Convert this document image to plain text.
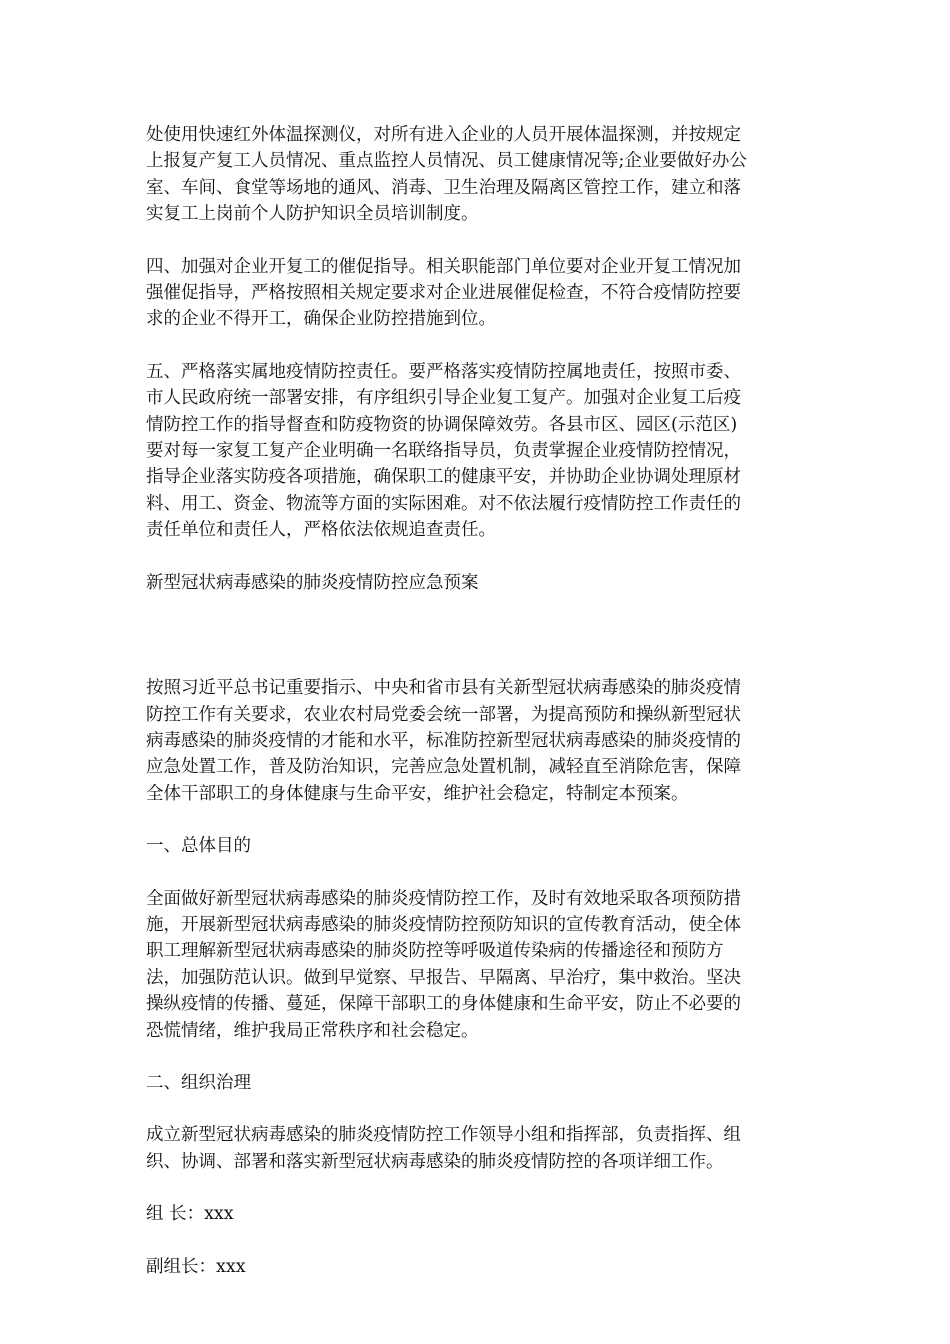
处使用快速红外体温探测仪，对所有进入企业的人员开展体温探测，并按规定
上报复产复工人员情况、重点监控人员情况、员工健康情况等;企业要做好办公
室、车间、食堂等场地的通风、消毒、卫生治理及隔离区管控工作，建立和落
实复工上岗前个人防护知识全员培训制度。

四、加强对企业开复工的催促指导。相关职能部门单位要对企业开复工情况加
强催促指导，严格按照相关规定要求对企业进展催促检查，不符合疫情防控要
求的企业不得开工，确保企业防控措施到位。

五、严格落实属地疫情防控责任。要严格落实疫情防控属地责任，按照市委、
市人民政府统一部署安排，有序组织引导企业复工复产。加强对企业复工后疫
情防控工作的指导督查和防疫物资的协调保障效劳。各县市区、园区(示范区)
要对每一家复工复产企业明确一名联络指导员，负责掌握企业疫情防控情况，
指导企业落实防疫各项措施，确保职工的健康平安，并协助企业协调处理原材
料、用工、资金、物流等方面的实际困难。对不依法履行疫情防控工作责任的
责任单位和责任人，严格依法依规追查责任。

新型冠状病毒感染的肺炎疫情防控应急预案

按照习近平总书记重要指示、中央和省市县有关新型冠状病毒感染的肺炎疫情
防控工作有关要求，农业农村局党委会统一部署，为提高预防和操纵新型冠状
病毒感染的肺炎疫情的才能和水平，标准防控新型冠状病毒感染的肺炎疫情的
应急处置工作，普及防治知识，完善应急处置机制，减轻直至消除危害，保障
全体干部职工的身体健康与生命平安，维护社会稳定，特制定本预案。

一、总体目的

全面做好新型冠状病毒感染的肺炎疫情防控工作，及时有效地采取各项预防措
施，开展新型冠状病毒感染的肺炎疫情防控预防知识的宣传教育活动，使全体
职工理解新型冠状病毒感染的肺炎防控等呼吸道传染病的传播途径和预防方
法，加强防范认识。做到早觉察、早报告、早隔离、早治疗，集中救治。坚决
操纵疫情的传播、蔓延，保障干部职工的身体健康和生命平安，防止不必要的
恐慌情绪，维护我局正常秩序和社会稳定。

二、组织治理

成立新型冠状病毒感染的肺炎疫情防控工作领导小组和指挥部，负责指挥、组
织、协调、部署和落实新型冠状病毒感染的肺炎疫情防控的各项详细工作。

组 长：xxx

副组长：xxx
